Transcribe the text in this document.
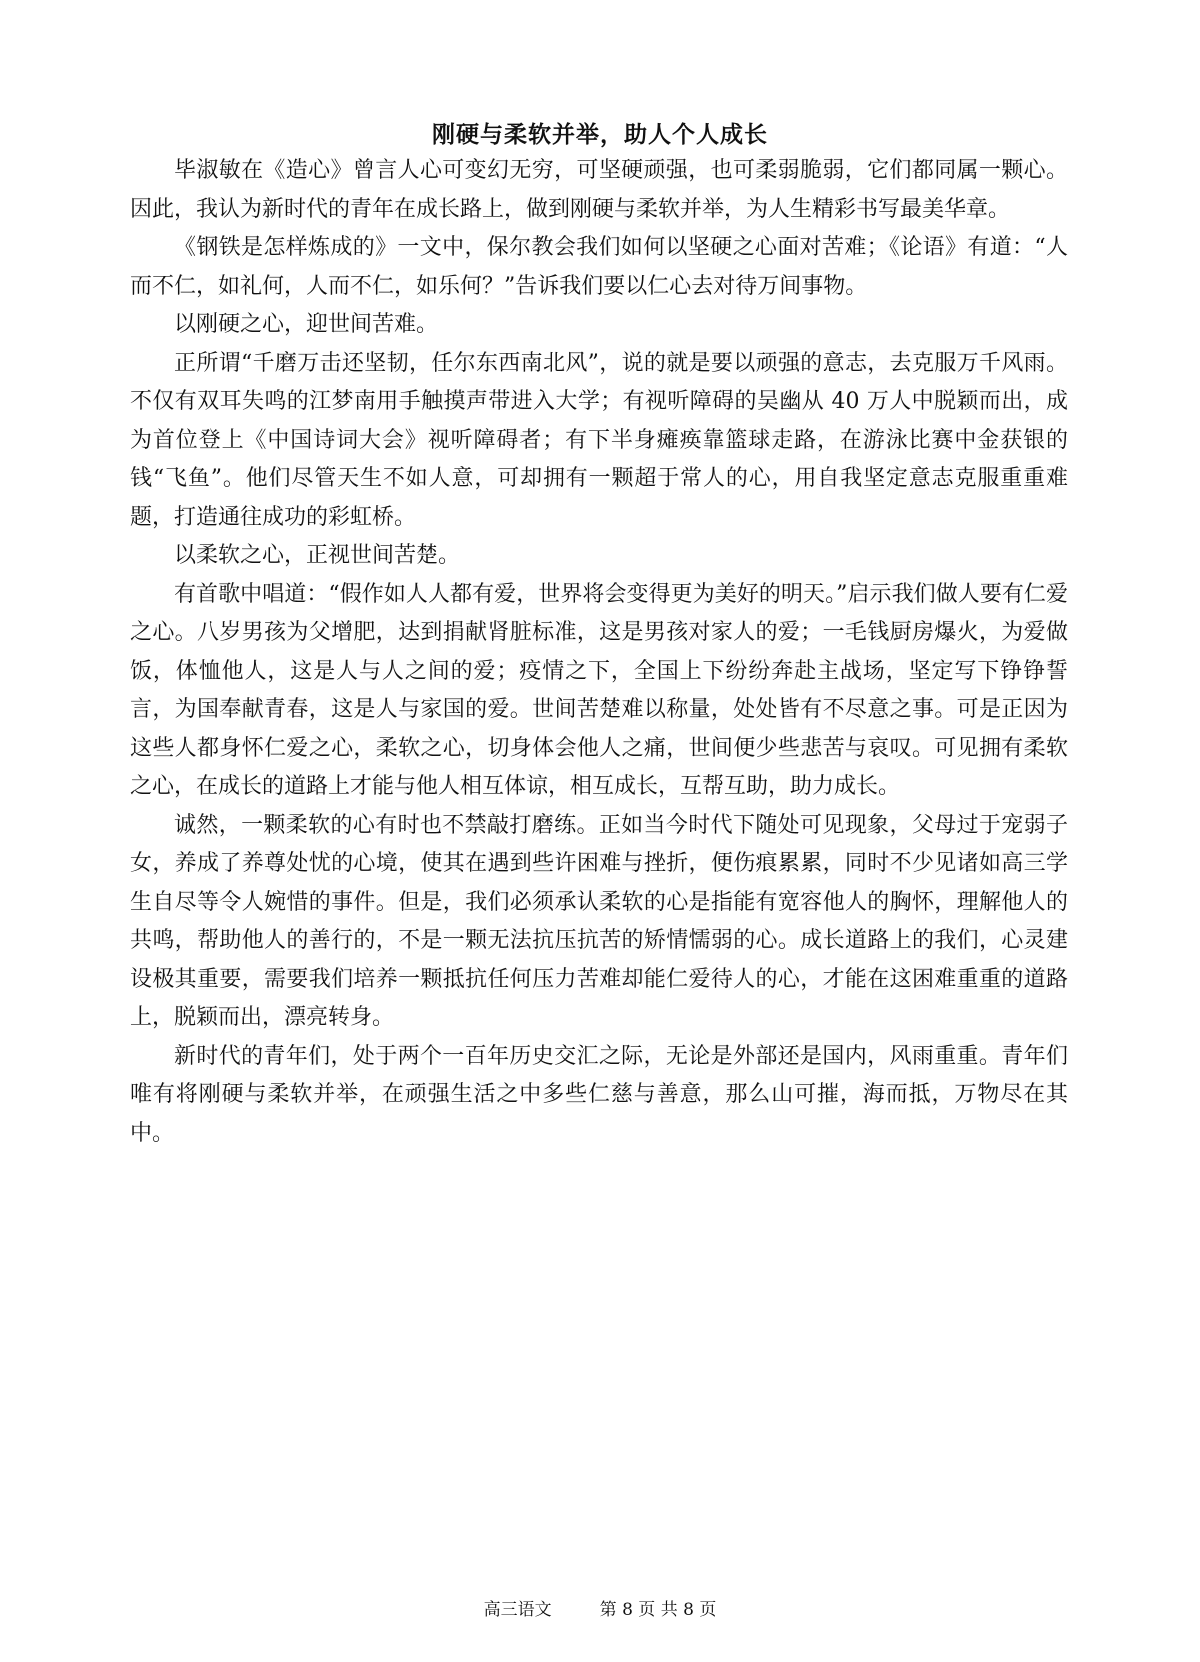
刚硬与柔软并举，助人个人成长

毕淑敏在《造心》曾言人心可变幻无穷，可坚硬顽强，也可柔弱脆弱，它们都同属一颗心。因此，我认为新时代的青年在成长路上，做到刚硬与柔软并举，为人生精彩书写最美华章。

《钢铁是怎样炼成的》一文中，保尔教会我们如何以坚硬之心面对苦难；《论语》有道：“人而不仁，如礼何，人而不仁，如乐何？”告诉我们要以仁心去对待万间事物。

以刚硬之心，迎世间苦难。

正所谓“千磨万击还坚韧，任尔东西南北风”，说的就是要以顽强的意志，去克服万千风雨。不仅有双耳失鸣的江梦南用手触摸声带进入大学；有视听障碍的吴幽从 40 万人中脱颖而出，成为首位登上《中国诗词大会》视听障碍者；有下半身瘫痪靠篮球走路，在游泳比赛中金获银的钱“飞鱼”。他们尽管天生不如人意，可却拥有一颗超于常人的心，用自我坚定意志克服重重难题，打造通往成功的彩虹桥。

以柔软之心，正视世间苦楚。

有首歌中唱道：“假作如人人都有爱，世界将会变得更为美好的明天。”启示我们做人要有仁爱之心。八岁男孩为父增肥，达到捐献肾脏标准，这是男孩对家人的爱；一毛钱厨房爆火，为爱做饭，体恤他人，这是人与人之间的爱；疫情之下，全国上下纷纷奔赴主战场，坚定写下铮铮誓言，为国奉献青春，这是人与家国的爱。世间苦楚难以称量，处处皆有不尽意之事。可是正因为这些人都身怀仁爱之心，柔软之心，切身体会他人之痛，世间便少些悲苦与哀叹。可见拥有柔软之心，在成长的道路上才能与他人相互体谅，相互成长，互帮互助，助力成长。

诚然，一颗柔软的心有时也不禁敲打磨练。正如当今时代下随处可见现象，父母过于宠弱子女，养成了养尊处忧的心境，使其在遇到些许困难与挫折，便伤痕累累，同时不少见诸如高三学生自尽等令人婉惜的事件。但是，我们必须承认柔软的心是指能有宽容他人的胸怀，理解他人的共鸣，帮助他人的善行的，不是一颗无法抗压抗苦的矫情懦弱的心。成长道路上的我们，心灵建设极其重要，需要我们培养一颗抵抗任何压力苦难却能仁爱待人的心，才能在这困难重重的道路上，脱颖而出，漂亮转身。

新时代的青年们，处于两个一百年历史交汇之际，无论是外部还是国内，风雨重重。青年们唯有将刚硬与柔软并举，在顽强生活之中多些仁慈与善意，那么山可摧，海而抵，万物尽在其中。

高三语文	第 8 页 共 8 页
